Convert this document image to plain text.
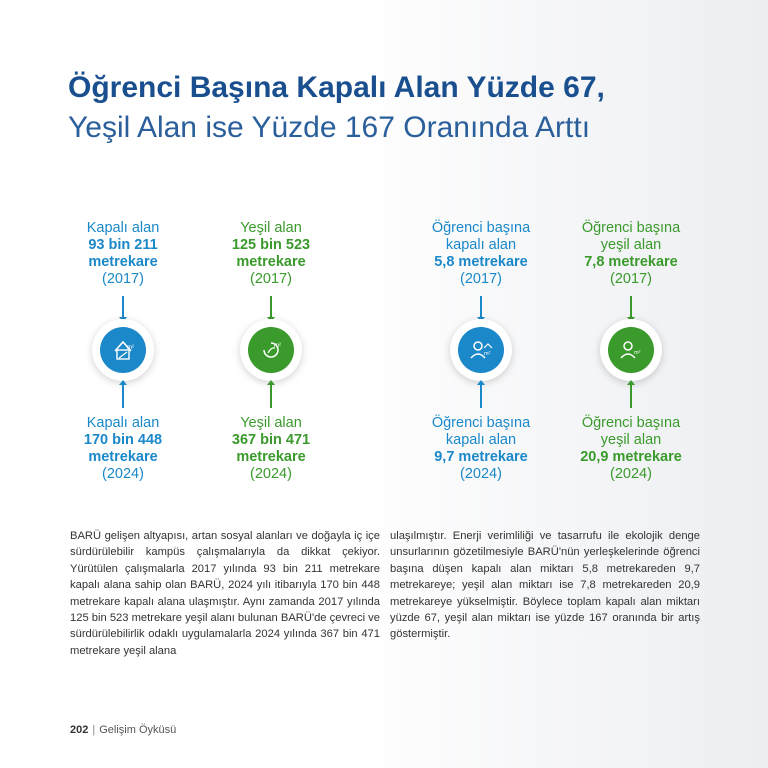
Öğrenci Başına Kapalı Alan Yüzde 67,
Yeşil Alan ise Yüzde 167 Oranında Arttı
Kapalı alan
93 bin 211
metrekare
(2017)
m²
Kapalı alan
170 bin 448
metrekare
(2024)
Yeşil alan
125 bin 523
metrekare
(2017)
m²
Yeşil alan
367 bin 471
metrekare
(2024)
Öğrenci başına
kapalı alan
5,8 metrekare
(2017)
m²
Öğrenci başına
kapalı alan
9,7 metrekare
(2024)
Öğrenci başına
yeşil alan
7,8 metrekare
(2017)
m²
Öğrenci başına
yeşil alan
20,9 metrekare
(2024)

BARÜ gelişen altyapısı, artan sosyal alanları ve doğayla iç içe sürdürülebilir kampüs çalışmalarıyla da dikkat çekiyor. Yürütülen çalışmalarla 2017 yılında 93 bin 211 metrekare kapalı alana sahip olan BARÜ, 2024 yılı itibarıyla 170 bin 448 metrekare kapalı alana ulaşmıştır. Aynı zamanda 2017 yılında 125 bin 523 metrekare yeşil alanı bulunan BARÜ'de çevreci ve sürdürülebilirlik odaklı uygulamalarla 2024 yılında 367 bin 471 metrekare yeşil alana

ulaşılmıştır. Enerji verimliliği ve tasarrufu ile ekolojik denge unsurlarının gözetilmesiyle BARÜ'nün yerleşkelerinde öğrenci başına düşen kapalı alan miktarı 5,8 metrekareden 9,7 metrekareye; yeşil alan miktarı ise 7,8 metrekareden 20,9 metrekareye yükselmiştir. Böylece toplam kapalı alan miktarı yüzde 67, yeşil alan miktarı ise yüzde 167 oranında bir artış göstermiştir.

202 | Gelişim Öyküsü
